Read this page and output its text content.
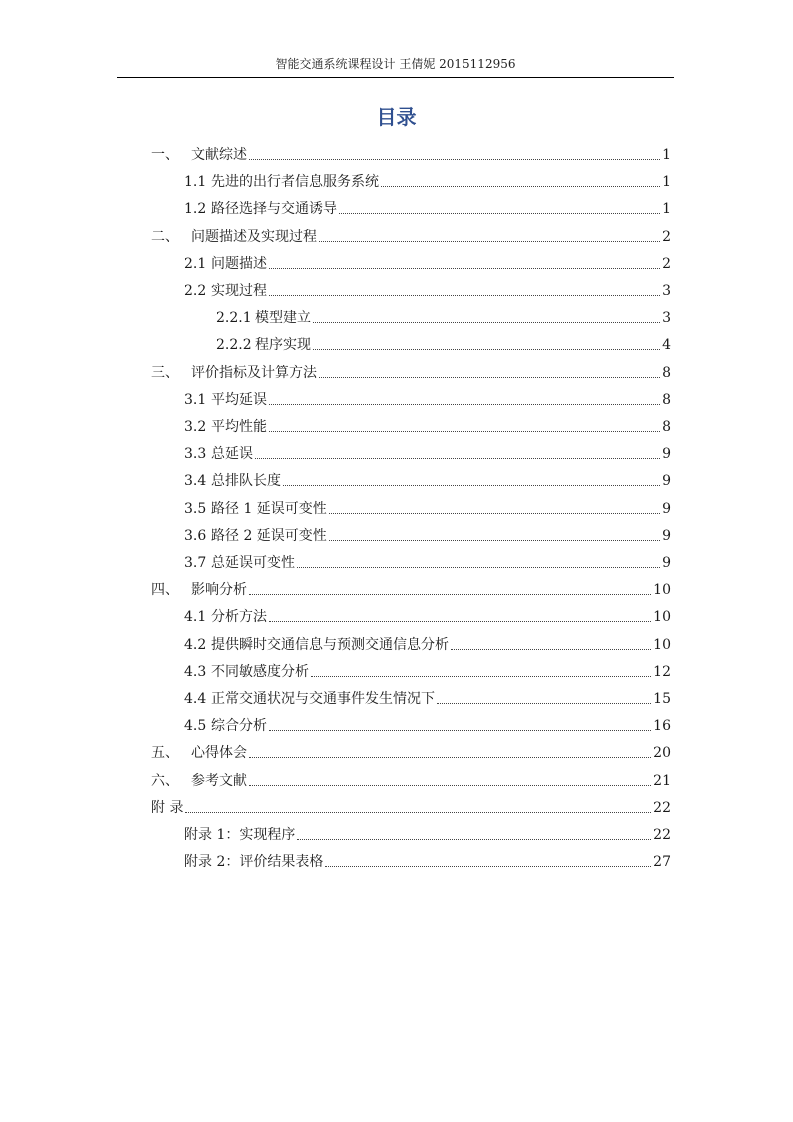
智能交通系统课程设计 王倩妮 2015112956
目录
一、 文献综述	1
1.1 先进的出行者信息服务系统	1
1.2 路径选择与交通诱导	1
二、 问题描述及实现过程	2
2.1 问题描述	2
2.2 实现过程	3
2.2.1 模型建立	3
2.2.2 程序实现	4
三、 评价指标及计算方法	8
3.1 平均延误	8
3.2 平均性能	8
3.3 总延误	9
3.4 总排队长度	9
3.5 路径 1 延误可变性	9
3.6 路径 2 延误可变性	9
3.7 总延误可变性	9
四、 影响分析	10
4.1 分析方法	10
4.2 提供瞬时交通信息与预测交通信息分析	10
4.3 不同敏感度分析	12
4.4 正常交通状况与交通事件发生情况下	15
4.5 综合分析	16
五、 心得体会	20
六、 参考文献	21
附 录	22
附录 1：实现程序	22
附录 2：评价结果表格	27
